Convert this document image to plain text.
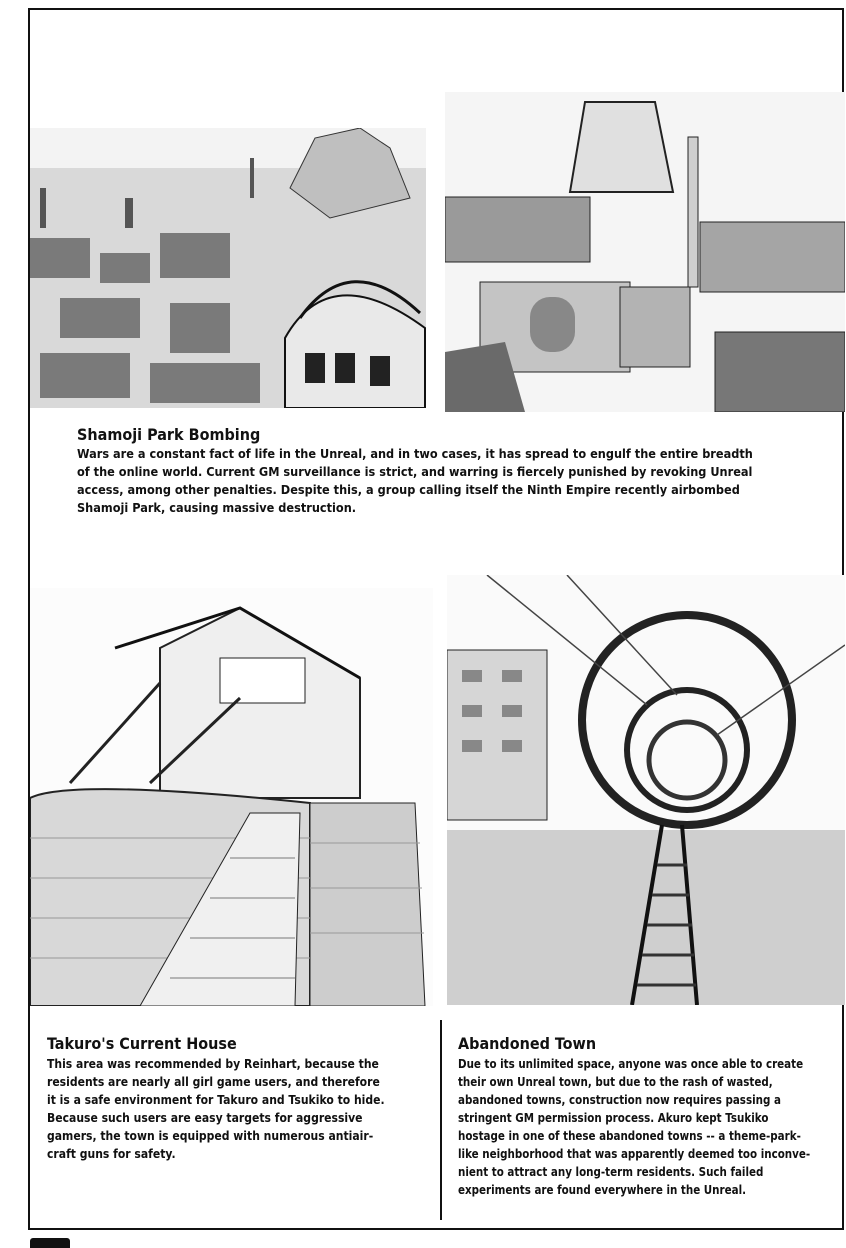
Shamoji Park Bombing
Wars are a constant fact of life in the Unreal, and in two cases, it has spread to engulf the entire breadth
of the online world. Current GM surveillance is strict, and warring is fiercely punished by revoking Unreal
access, among other penalties. Despite this, a group calling itself the Ninth Empire recently airbombed
Shamoji Park, causing massive destruction.
Takuro's Current House
This area was recommended by Reinhart, because the
residents are nearly all girl game users, and therefore
it is a safe environment for Takuro and Tsukiko to hide.
Because such users are easy targets for aggressive
gamers, the town is equipped with numerous antiair-
craft guns for safety.
Abandoned Town
Due to its unlimited space, anyone was once able to create
their own Unreal town, but due to the rash of wasted,
abandoned towns, construction now requires passing a
stringent GM permission process. Akuro kept Tsukiko
hostage in one of these abandoned towns -- a theme-park-
like neighborhood that was apparently deemed too inconve-
nient to attract any long-term residents. Such failed
experiments are found everywhere in the Unreal.
